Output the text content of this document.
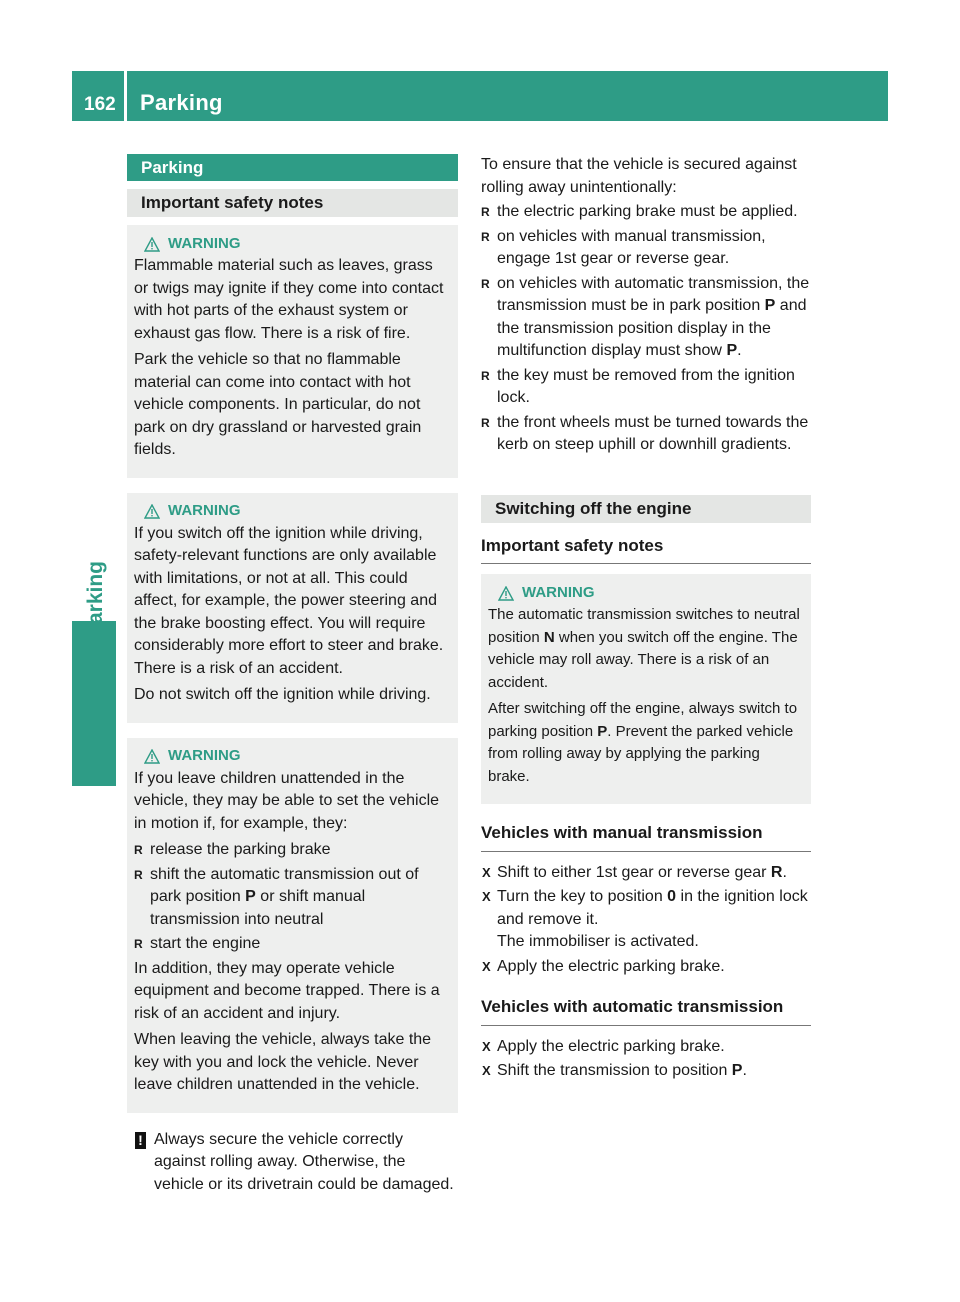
162 Parking
Parking
Important safety notes
WARNING

Flammable material such as leaves, grass or twigs may ignite if they come into contact with hot parts of the exhaust system or exhaust gas flow. There is a risk of fire.

Park the vehicle so that no flammable material can come into contact with hot vehicle components. In particular, do not park on dry grassland or harvested grain fields.

WARNING

If you switch off the ignition while driving, safety-relevant functions are only available with limitations, or not at all. This could affect, for example, the power steering and the brake boosting effect. You will require considerably more effort to steer and brake. There is a risk of an accident.

Do not switch off the ignition while driving.

WARNING

If you leave children unattended in the vehicle, they may be able to set the vehicle in motion if, for example, they:

R release the parking brake
R shift the automatic transmission out of park position P or shift manual transmission into neutral
R start the engine

In addition, they may operate vehicle equipment and become trapped. There is a risk of an accident and injury.

When leaving the vehicle, always take the key with you and lock the vehicle. Never leave children unattended in the vehicle.

! Always secure the vehicle correctly against rolling away. Otherwise, the vehicle or its drivetrain could be damaged.

To ensure that the vehicle is secured against rolling away unintentionally:

R the electric parking brake must be applied.
R on vehicles with manual transmission, engage 1st gear or reverse gear.
R on vehicles with automatic transmission, the transmission must be in park position P and the transmission position display in the multifunction display must show P.
R the key must be removed from the ignition lock.
R the front wheels must be turned towards the kerb on steep uphill or downhill gradients.
Switching off the engine
Important safety notes
WARNING

The automatic transmission switches to neutral position N when you switch off the engine. The vehicle may roll away. There is a risk of an accident.

After switching off the engine, always switch to parking position P. Prevent the parked vehicle from rolling away by applying the parking brake.

Vehicles with manual transmission
X Shift to either 1st gear or reverse gear R.
X Turn the key to position 0 in the ignition lock and remove it.
The immobiliser is activated.
X Apply the electric parking brake.
Vehicles with automatic transmission
X Apply the electric parking brake.
X Shift the transmission to position P.
